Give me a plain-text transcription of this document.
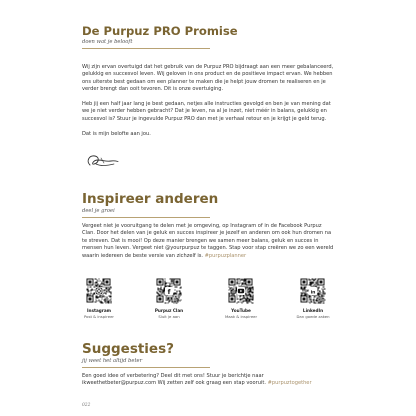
De Purpuz PRO Promise
doen wat je belooft

Wij zijn ervan overtuigd dat het gebruik van de Purpuz PRO bijdraagt aan een meer gebalanceerd, gelukkig en succesvol leven. Wij geloven in ons product en de positieve impact ervan. We hebben ons uiterste best gedaan om een planner te maken die je helpt jouw dromen te realiseren en je verder brengt dan ooit tevoren. Dit is onze overtuiging.

Heb jij een half jaar lang je best gedaan, netjes alle instructies gevolgd en ben je van mening dat we je niet verder hebben gebracht? Dat je leven, na al je inzet, niet méér in balans, gelukkig en succesvol is? Stuur je ingevulde Purpuz PRO dan met je verhaal retour en je krijgt je geld terug.

Dat is mijn belofte aan jou.

Inspireer anderen
deel je groei
Vergeet niet je vooruitgang te delen met je omgeving, op Instagram of in de Facebook Purpuz Clan. Door het delen van je geluk en succes inspireer je jezelf en anderen om ook hun dromen na te streven. Dat is mooi! Op deze manier brengen we samen meer balans, geluk en succes in mensen hun leven. Vergeet niet @yourpurpuz te taggen. Stap voor stap creëren we zo een wereld waarin iedereen de beste versie van zichzelf is. #purpuzplanner
Instagram
Post & inspireer
f
Purpuz Clan
Sluit je aan
YouTube
Maak & inspireer
in
LinkedIn
Dan goede zaken
Suggesties?
jij weet het altijd beter
Een goed idee of verbetering? Deel dit met ons! Stuur je berichtje naar ikweethetbeter@purpuz.com Wij zetten zelf ook graag een stap vooruit. #purpuztogether
022
